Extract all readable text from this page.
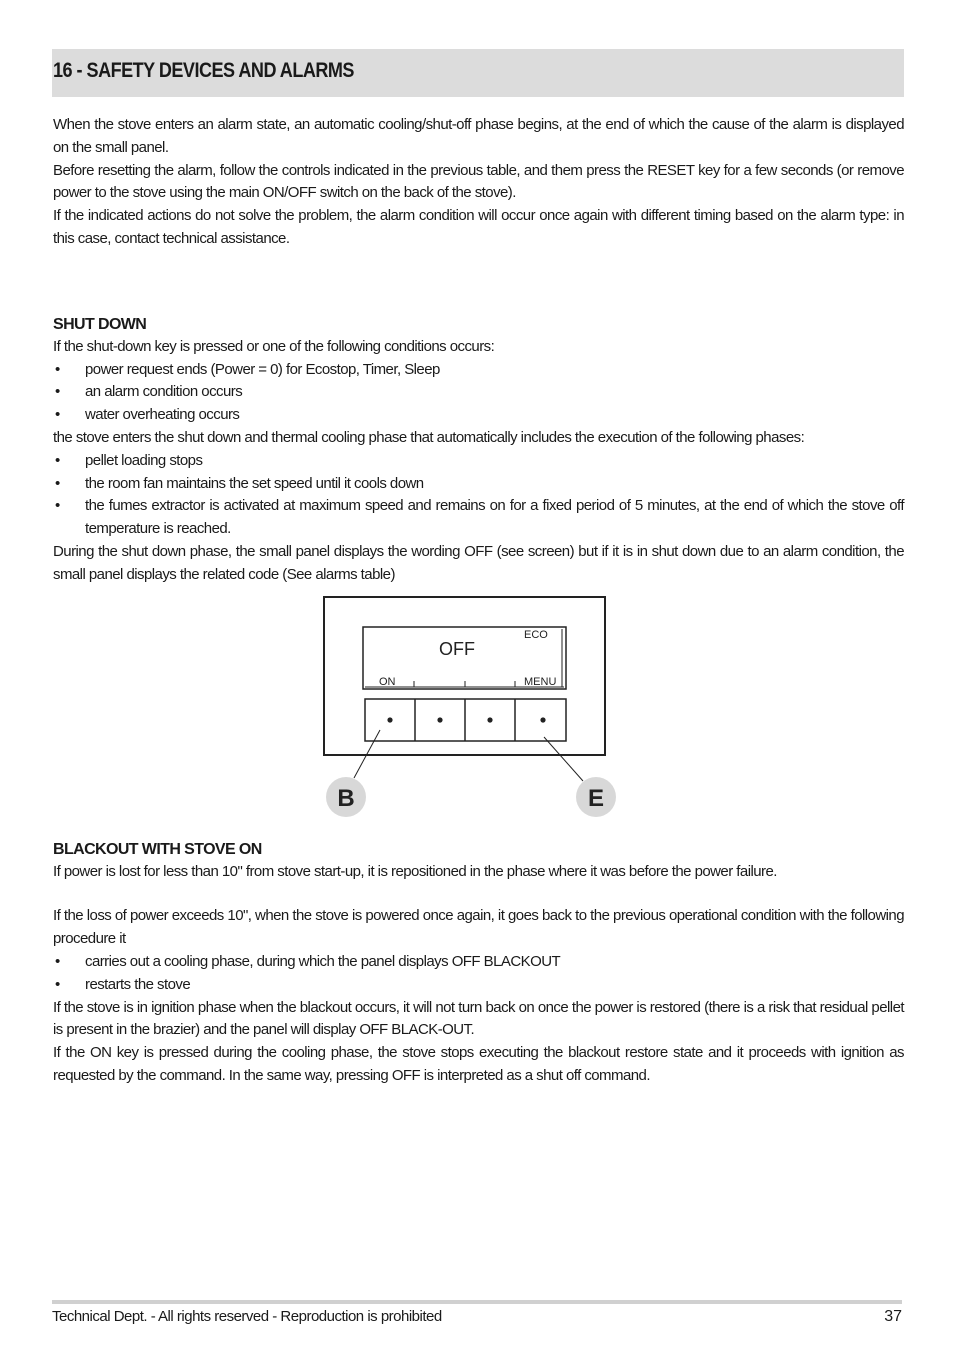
16 - SAFETY DEVICES AND ALARMS

When the stove enters an alarm state, an automatic cooling/shut-off phase begins, at the end of which the cause of the alarm is displayed on the small panel.

Before resetting the alarm, follow the controls indicated in the previous table, and them press the RESET key for a few seconds (or remove power to the stove using the main ON/OFF switch on the back of the stove).

If the indicated actions do not solve the problem, the alarm condition will occur once again with different timing based on the alarm type: in this case, contact technical assistance.

SHUT DOWN

If the shut-down key is pressed or one of the following conditions occurs:

• power request ends (Power = 0) for Ecostop, Timer, Sleep
• an alarm condition occurs
• water overheating occurs

the stove enters the shut down and thermal cooling phase that automatically includes the execution of the following phases:

• pellet loading stops
• the room fan maintains the set speed until it cools down
• the fumes extractor is activated at maximum speed and remains on for a fixed period of 5 minutes, at the end of which the stove off temperature is reached.

During the shut down phase, the small panel displays the wording OFF (see screen) but if it is in shut down due to an alarm condition, the small panel displays the related code (See alarms table)

OFF
ECO
ON	MENU
B	E
BLACKOUT WITH STOVE ON

If power is lost for less than 10" from stove start-up, it is repositioned in the phase where it was before the power failure.

If the loss of power exceeds 10", when the stove is powered once again, it goes back to the previous operational condition with the following procedure it

• carries out a cooling phase, during which the panel displays OFF BLACKOUT
• restarts the stove

If the stove is in ignition phase when the blackout occurs, it will not turn back on once the power is restored (there is a risk that residual pellet is present in the brazier) and the panel will display OFF BLACK-OUT.

If the ON key is pressed during the cooling phase, the stove stops executing the blackout restore state and it proceeds with ignition as requested by the command. In the same way, pressing OFF is interpreted as a shut off command.

Technical Dept. - All rights reserved - Reproduction is prohibited	37
